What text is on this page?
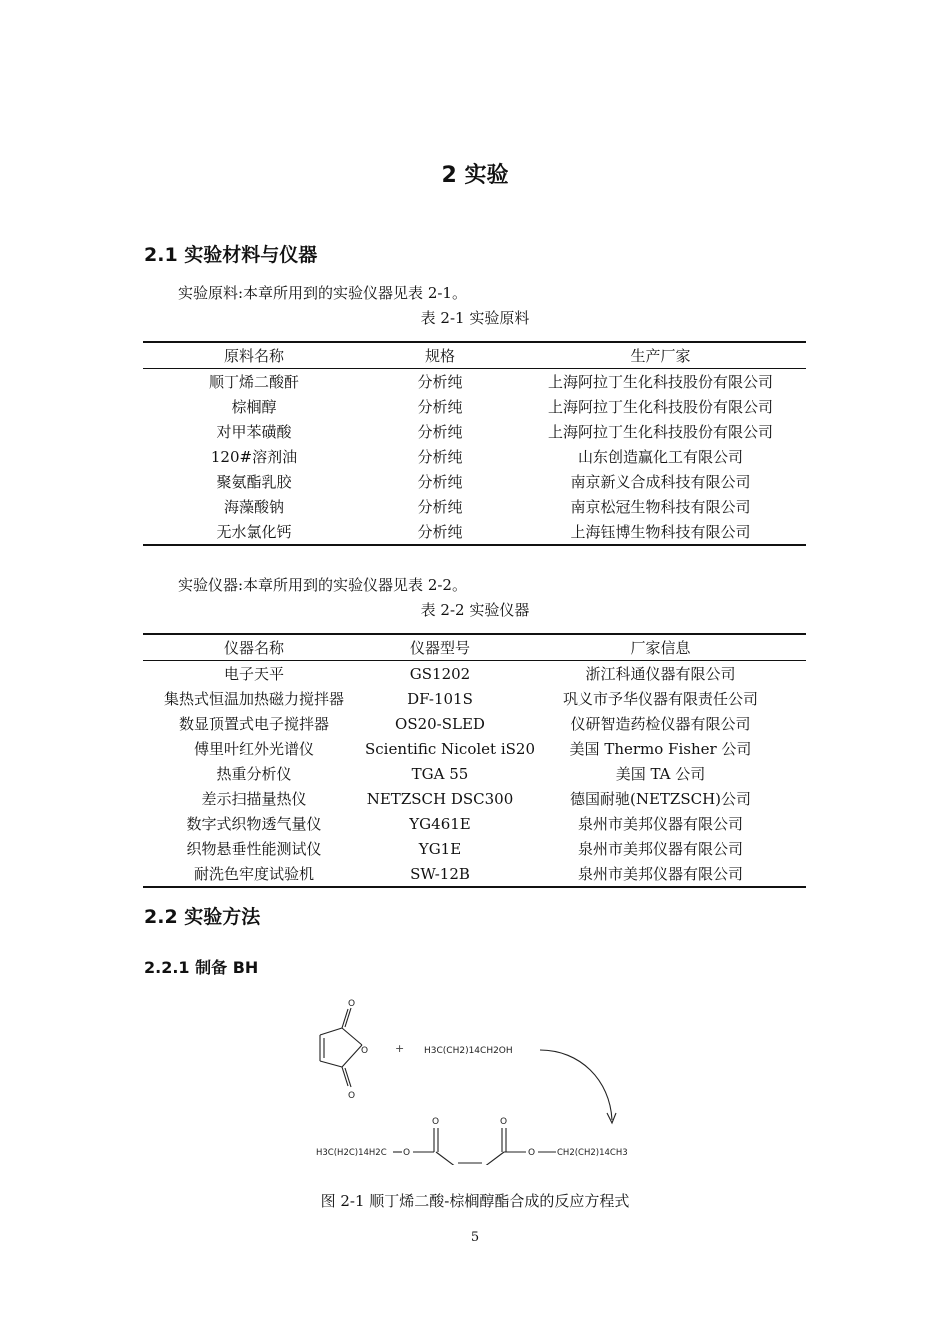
2 实验
2.1 实验材料与仪器
实验原料:本章所用到的实验仪器见表 2-1。
表 2-1 实验原料
原料名称	规格	生产厂家
顺丁烯二酸酐	分析纯	上海阿拉丁生化科技股份有限公司
棕榈醇	分析纯	上海阿拉丁生化科技股份有限公司
对甲苯磺酸	分析纯	上海阿拉丁生化科技股份有限公司
120#溶剂油	分析纯	山东创造赢化工有限公司
聚氨酯乳胶	分析纯	南京新义合成科技有限公司
海藻酸钠	分析纯	南京松冠生物科技有限公司
无水氯化钙	分析纯	上海钰博生物科技有限公司
实验仪器:本章所用到的实验仪器见表 2-2。
表 2-2 实验仪器
仪器名称	仪器型号	厂家信息
电子天平	GS1202	浙江科通仪器有限公司
集热式恒温加热磁力搅拌器	DF-101S	巩义市予华仪器有限责任公司
数显顶置式电子搅拌器	OS20-SLED	仪研智造药检仪器有限公司
傅里叶红外光谱仪	Scientific Nicolet iS20	美国 Thermo Fisher 公司
热重分析仪	TGA 55	美国 TA 公司
差示扫描量热仪	NETZSCH DSC300	德国耐驰(NETZSCH)公司
数字式织物透气量仪	YG461E	泉州市美邦仪器有限公司
织物悬垂性能测试仪	YG1E	泉州市美邦仪器有限公司
耐洗色牢度试验机	SW-12B	泉州市美邦仪器有限公司
2.2 实验方法
2.2.1 制备 BH
O
O
O
+ H3C(CH2)14CH2OH
H3C(H2C)14H2C O
O	O
O	CH2(CH2)14CH3
图 2-1 顺丁烯二酸-棕榈醇酯合成的反应方程式
5
